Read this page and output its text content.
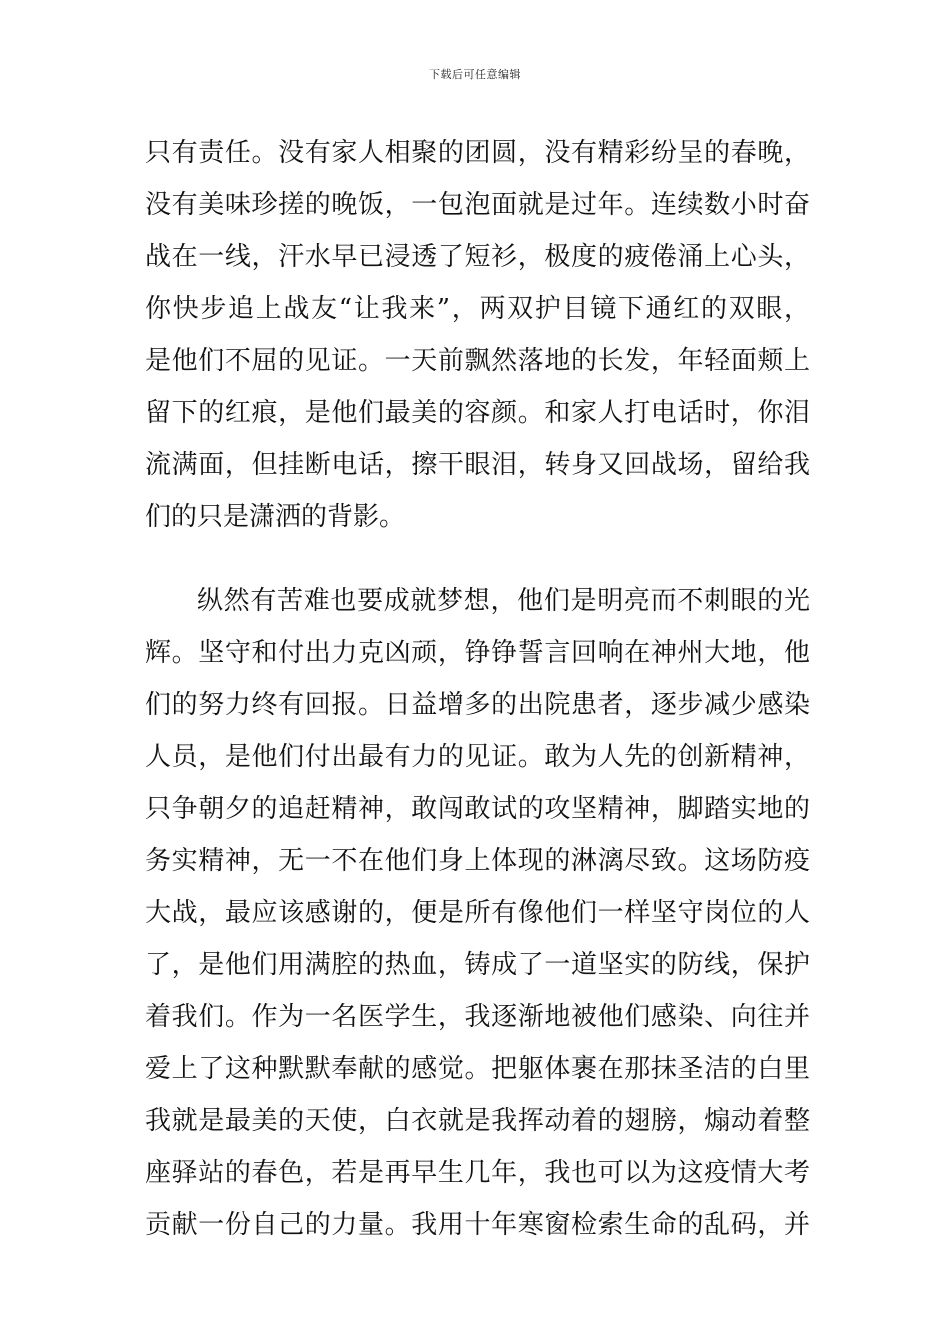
下载后可任意编辑
只有责任。没有家人相聚的团圆，没有精彩纷呈的春晚，
没有美味珍搓的晚饭，一包泡面就是过年。连续数小时奋
战在一线，汗水早已浸透了短衫，极度的疲倦涌上心头，
你快步追上战友“让我来”，两双护目镜下通红的双眼，
是他们不屈的见证。一天前飘然落地的长发，年轻面颊上
留下的红痕，是他们最美的容颜。和家人打电话时，你泪
流满面，但挂断电话，擦干眼泪，转身又回战场，留给我
们的只是潇洒的背影。
纵然有苦难也要成就梦想，他们是明亮而不刺眼的光
辉。坚守和付出力克凶顽，铮铮誓言回响在神州大地，他
们的努力终有回报。日益增多的出院患者，逐步减少感染
人员，是他们付出最有力的见证。敢为人先的创新精神，
只争朝夕的追赶精神，敢闯敢试的攻坚精神，脚踏实地的
务实精神，无一不在他们身上体现的淋漓尽致。这场防疫
大战，最应该感谢的，便是所有像他们一样坚守岗位的人
了，是他们用满腔的热血，铸成了一道坚实的防线，保护
着我们。作为一名医学生，我逐渐地被他们感染、向往并
爱上了这种默默奉献的感觉。把躯体裹在那抹圣洁的白里
我就是最美的天使，白衣就是我挥动着的翅膀，煽动着整
座驿站的春色，若是再早生几年，我也可以为这疫情大考
贡献一份自己的力量。我用十年寒窗检索生命的乱码，并
